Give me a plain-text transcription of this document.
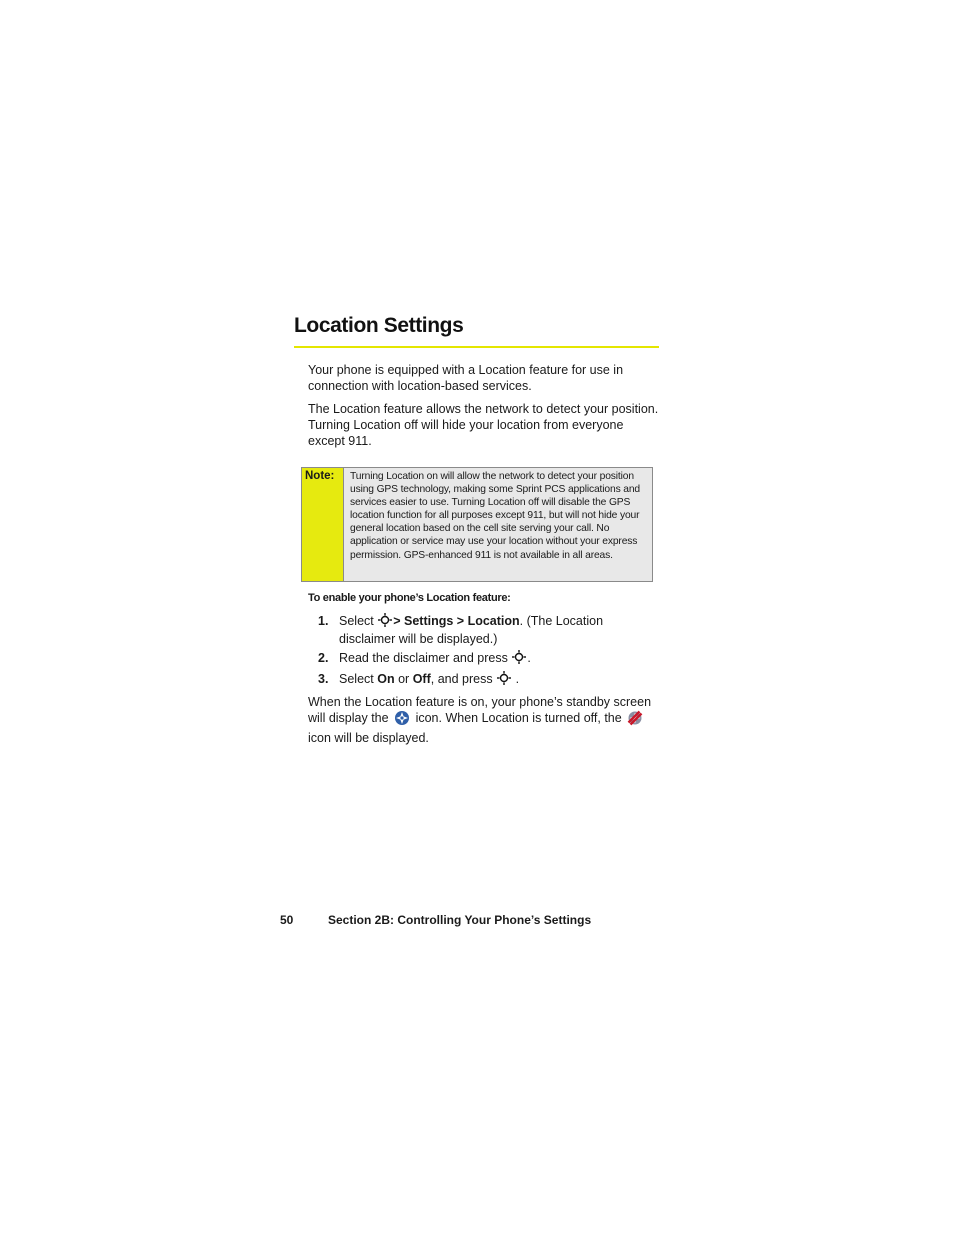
Location Settings

Your phone is equipped with a Location feature for use in connection with location-based services.

The Location feature allows the network to detect your position. Turning Location off will hide your location from everyone except 911.

Note:	Turning Location on will allow the network to detect your position using GPS technology, making some Sprint PCS applications and services easier to use. Turning Location off will disable the GPS location function for all purposes except 911, but will not hide your general location based on the cell site serving your call. No application or service may use your location without your express permission. GPS-enhanced 911 is not available in all areas.
To enable your phone’s Location feature:
1. Select > Settings > Location. (The Location disclaimer will be displayed.)
2. Read the disclaimer and press .
3. Select On or Off, and press .

When the Location feature is on, your phone’s standby screen will display the icon. When Location is turned off, the  icon will be displayed.

50	Section 2B: Controlling Your Phone’s Settings
